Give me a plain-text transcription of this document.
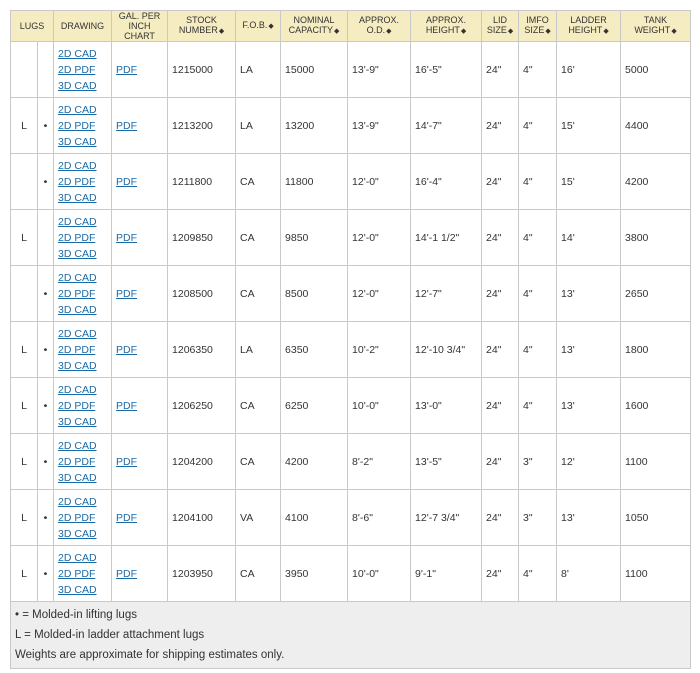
LUGS		DRAWING	GAL. PER INCH CHART	STOCK NUMBER◆	F.O.B.◆	NOMINAL CAPACITY◆	APPROX. O.D.◆	APPROX. HEIGHT◆	LID SIZE◆	IMFO SIZE◆	LADDER HEIGHT◆	TANK WEIGHT◆

		2D CAD
2D PDF
3D CAD	PDF	1215000	LA	15000	13'-9"	16'-5"	24"	4"	16'	5000
L	•	2D CAD
2D PDF
3D CAD	PDF	1213200	LA	13200	13'-9"	14'-7"	24"	4"	15'	4400
	•	2D CAD
2D PDF
3D CAD	PDF	1211800	CA	11800	12'-0"	16'-4"	24"	4"	15'	4200
L		2D CAD
2D PDF
3D CAD	PDF	1209850	CA	9850	12'-0"	14'-1 1/2"	24"	4"	14'	3800
	•	2D CAD
2D PDF
3D CAD	PDF	1208500	CA	8500	12'-0"	12'-7"	24"	4"	13'	2650
L	•	2D CAD
2D PDF
3D CAD	PDF	1206350	LA	6350	10'-2"	12'-10 3/4"	24"	4"	13'	1800
L	•	2D CAD
2D PDF
3D CAD	PDF	1206250	CA	6250	10'-0"	13'-0"	24"	4"	13'	1600
L	•	2D CAD
2D PDF
3D CAD	PDF	1204200	CA	4200	8'-2"	13'-5"	24"	3"	12'	1100
L	•	2D CAD
2D PDF
3D CAD	PDF	1204100	VA	4100	8'-6"	12'-7 3/4"	24"	3"	13'	1050
L	•	2D CAD
2D PDF
3D CAD	PDF	1203950	CA	3950	10'-0"	9'-1"	24"	4"	8'	1100

• = Molded-in lifting lugs
L = Molded-in ladder attachment lugs
Weights are approximate for shipping estimates only.												
